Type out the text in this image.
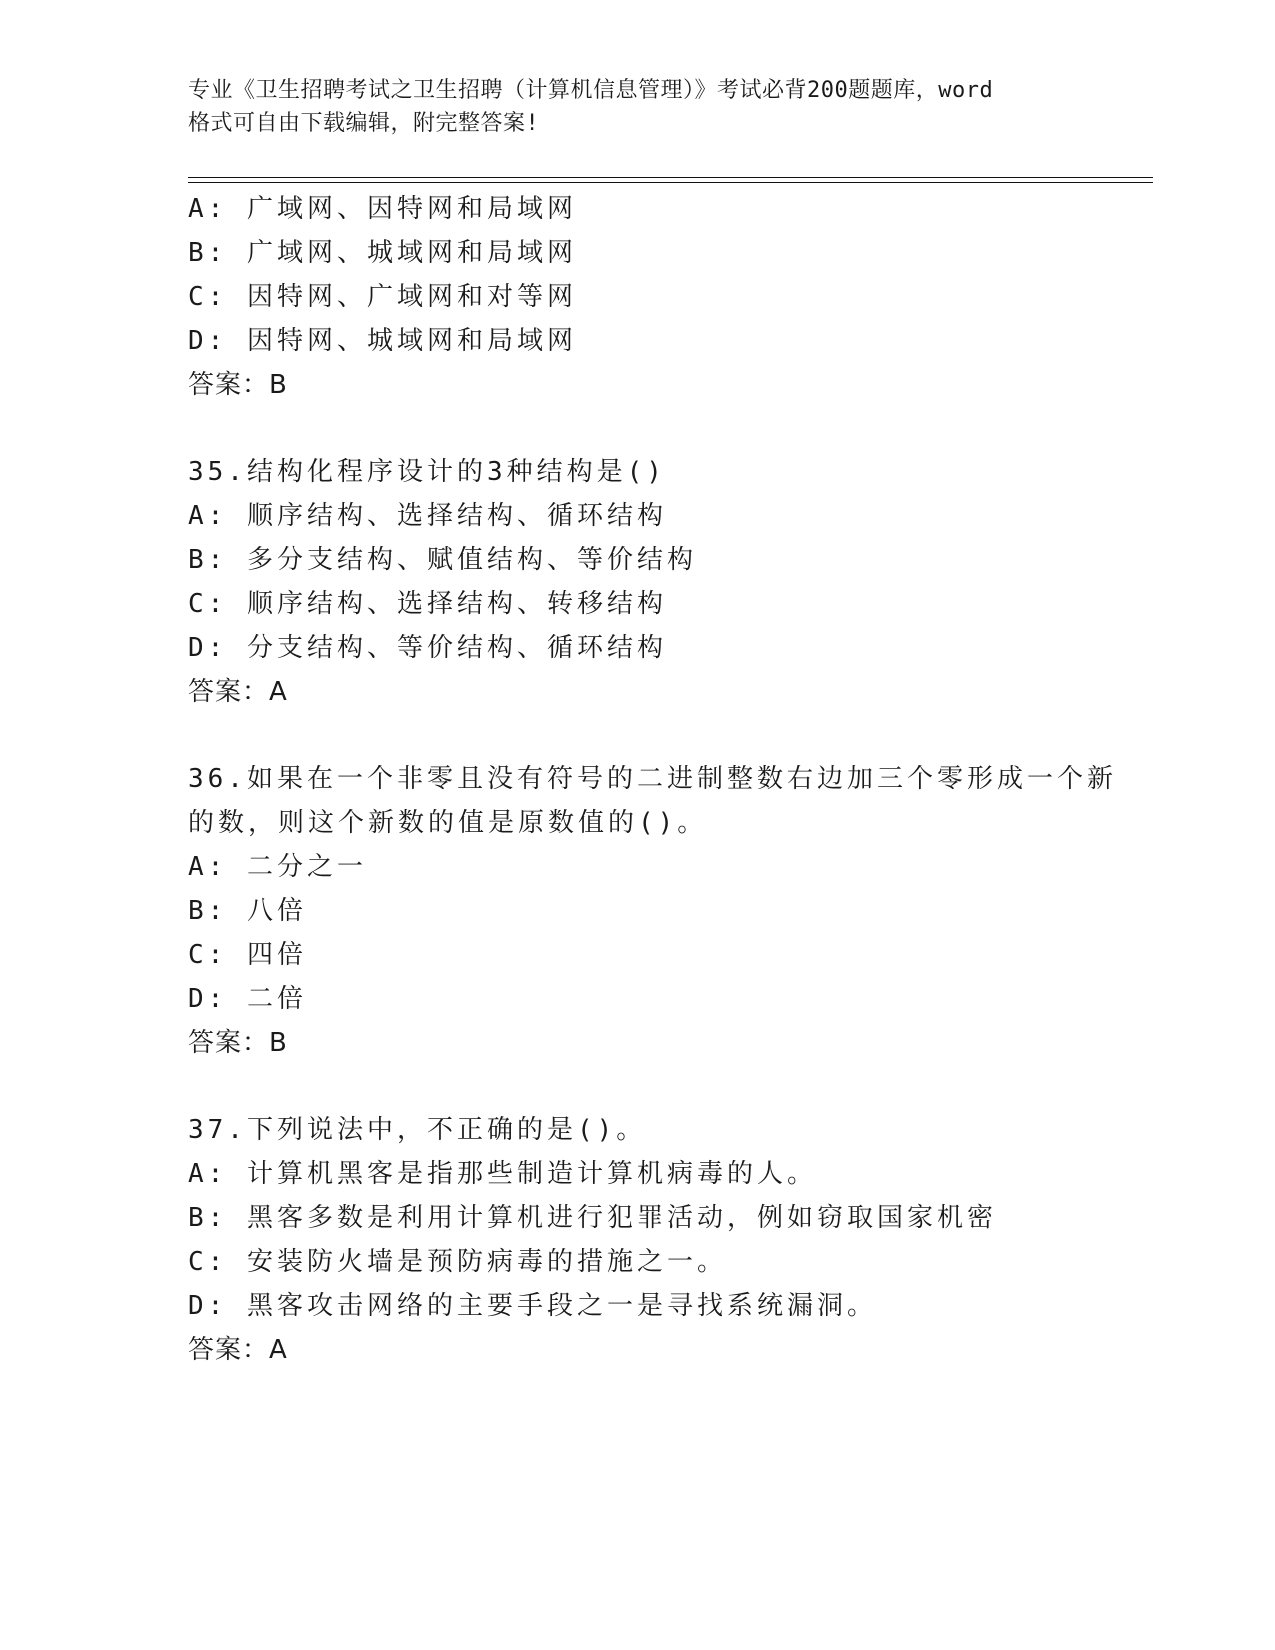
专业《卫生招聘考试之卫生招聘（计算机信息管理）》考试必背200题题库，word
格式可自由下载编辑，附完整答案!
A: 广域网、因特网和局域网
B: 广域网、城域网和局域网
C: 因特网、广域网和对等网
D: 因特网、城域网和局域网
答案：B
35.结构化程序设计的3种结构是()
A: 顺序结构、选择结构、循环结构
B: 多分支结构、赋值结构、等价结构
C: 顺序结构、选择结构、转移结构
D: 分支结构、等价结构、循环结构
答案：A
36.如果在一个非零且没有符号的二进制整数右边加三个零形成一个新
的数，则这个新数的值是原数值的()。
A: 二分之一
B: 八倍
C: 四倍
D: 二倍
答案：B
37.下列说法中，不正确的是()。
A: 计算机黑客是指那些制造计算机病毒的人。
B: 黑客多数是利用计算机进行犯罪活动，例如窃取国家机密
C: 安装防火墙是预防病毒的措施之一。
D: 黑客攻击网络的主要手段之一是寻找系统漏洞。
答案：A
